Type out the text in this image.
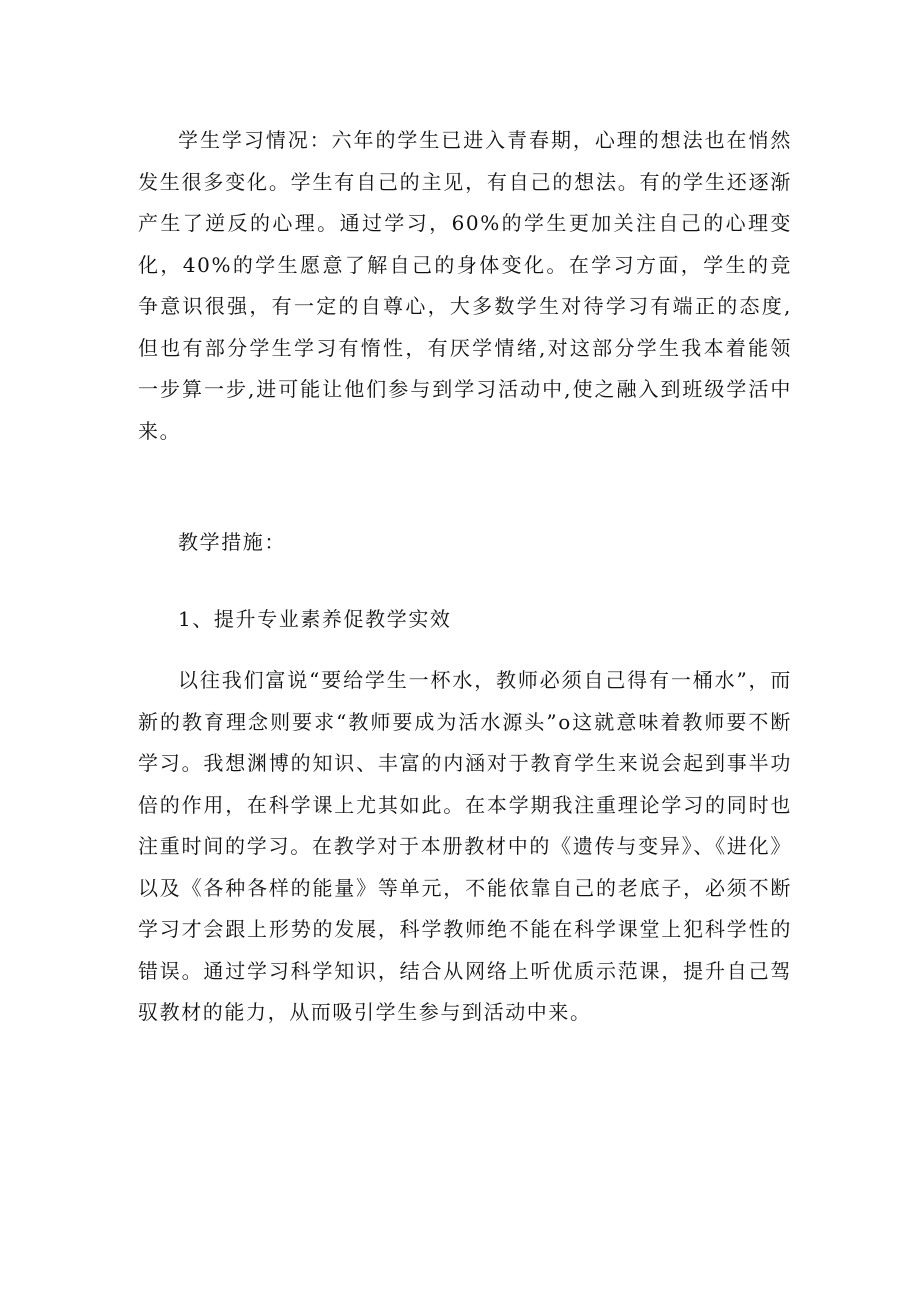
学生学习情况：六年的学生已进入青春期，心理的想法也在悄然发生很多变化。学生有自己的主见，有自己的想法。有的学生还逐渐产生了逆反的心理。通过学习，60%的学生更加关注自己的心理变化，40%的学生愿意了解自己的身体变化。在学习方面，学生的竞争意识很强，有一定的自尊心，大多数学生对待学习有端正的态度,但也有部分学生学习有惰性，有厌学情绪,对这部分学生我本着能领一步算一步,进可能让他们参与到学习活动中,使之融入到班级学活中来。

教学措施：

1、提升专业素养促教学实效

以往我们富说“要给学生一杯水，教师必须自己得有一桶水”，而新的教育理念则要求“教师要成为活水源头”o这就意味着教师要不断学习。我想渊博的知识、丰富的内涵对于教育学生来说会起到事半功倍的作用，在科学课上尤其如此。在本学期我注重理论学习的同时也注重时间的学习。在教学对于本册教材中的《遗传与变异》、《进化》以及《各种各样的能量》等单元，不能依靠自己的老底子，必须不断学习才会跟上形势的发展，科学教师绝不能在科学课堂上犯科学性的错误。通过学习科学知识，结合从网络上听优质示范课，提升自己驾驭教材的能力，从而吸引学生参与到活动中来。
